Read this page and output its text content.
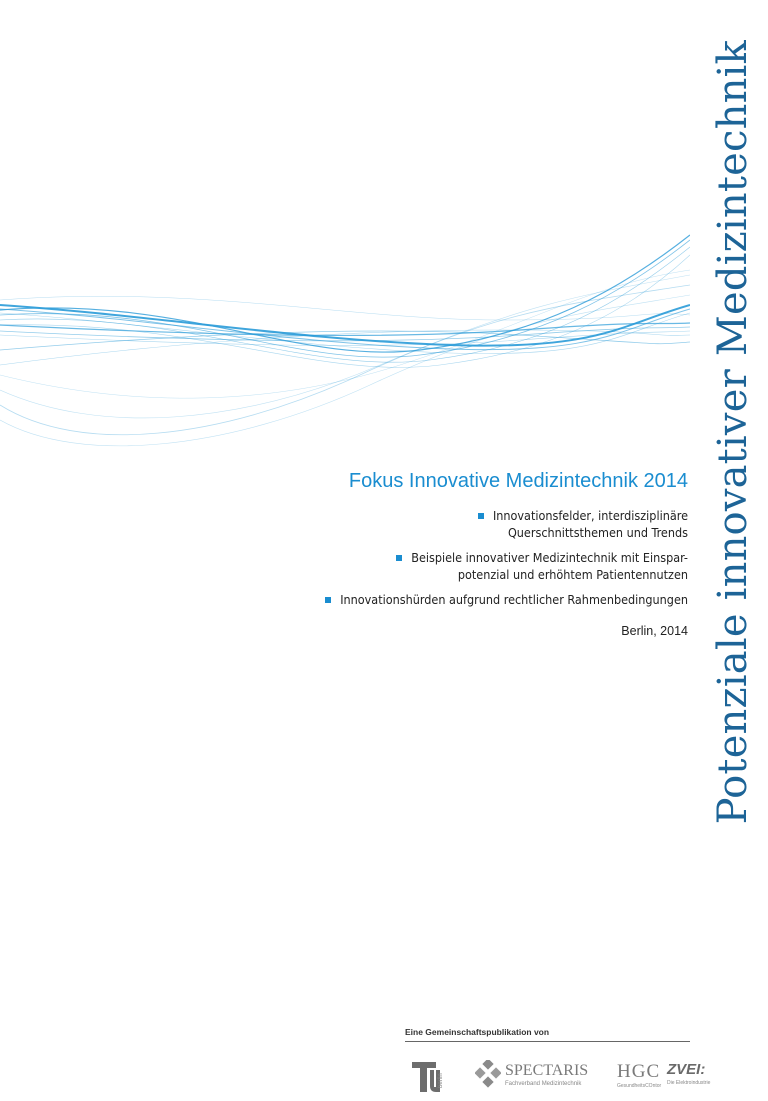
Potenziale innovativer Medizintechnik
Fokus Innovative Medizintechnik 2014
Innovationsfelder, interdisziplinäre
Querschnittsthemen und Trends
Beispiele innovativer Medizintechnik mit Einspar-
potenzial und erhöhtem Patientennutzen
Innovationshürden aufgrund rechtlicher Rahmenbedingungen
Berlin, 2014
Eine Gemeinschaftspublikation von
berlin
SPECTARIS
Fachverband Medizintechnik
HGC
GesundheitsCOntor
ZVEI:
Die Elektroindustrie
